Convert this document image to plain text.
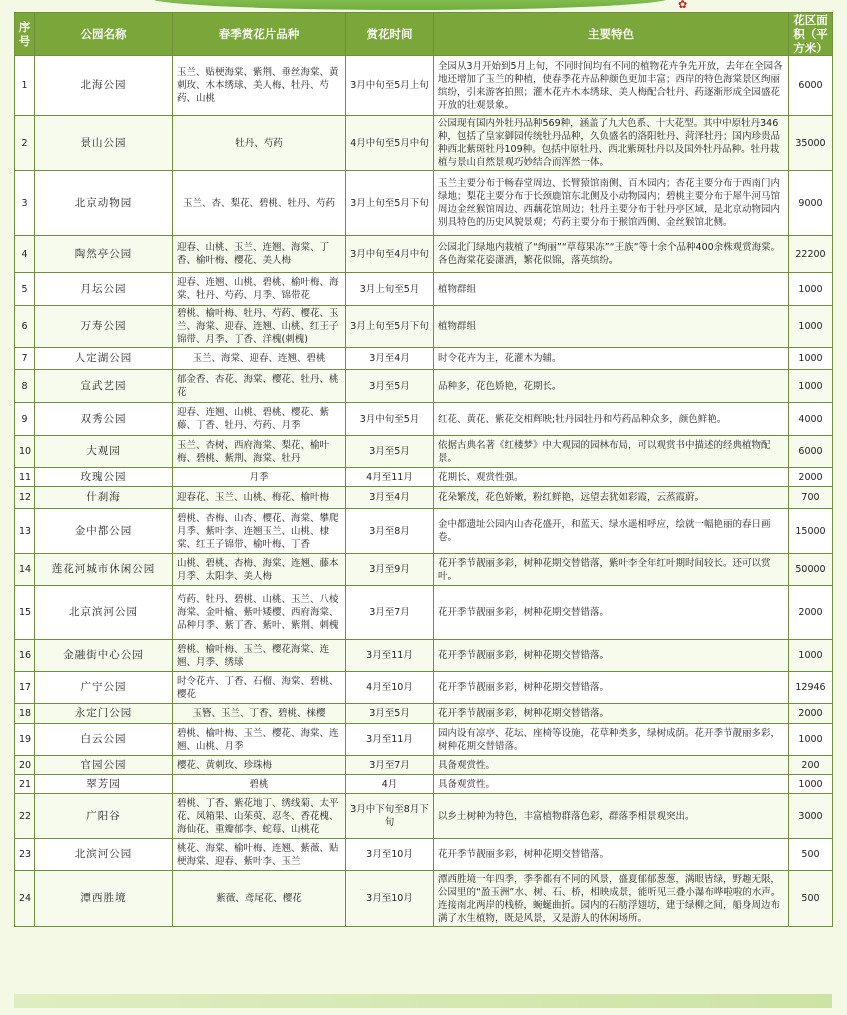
✿
序号	公园名称	春季赏花片品种	赏花时间	主要特色	花区面积（平方米）
1	北海公园	玉兰、贴梗海棠、紫荆、垂丝海棠、黄刺玫、木本绣球、美人梅、牡丹、芍药、山桃	3月中旬至5月上旬	全园从3月开始到5月上旬，不同时间均有不同的植物花卉争先开放，去年在全园各地还增加了玉兰的种植，使春季花卉品种颜色更加丰富；西岸的特色海棠景区绚丽缤纷，引来游客拍照；灌木花卉木本绣球、美人梅配合牡丹、药逐渐形成全园盛花开放的壮观景象。	6000
2	景山公园	牡丹、芍药	4月中旬至5月中旬	公园现有国内外牡丹品种569种，涵盖了九大色系、十大花型。其中中原牡丹346种，包括了皇家御园传统牡丹品种，久负盛名的洛阳牡丹、菏泽牡丹；国内珍贵品种西北紫斑牡丹109种。包括中原牡丹、西北紫斑牡丹以及国外牡丹品种。牡丹栽植与景山自然景观巧妙结合而浑然一体。	35000
3	北京动物园	玉兰、杏、梨花、碧桃、牡丹、芍药	3月上旬至5月下旬	玉兰主要分布于畅春堂周边、长臂猿馆南侧、百木园内；杏花主要分布于西南门内绿地；梨花主要分布于长颈鹿馆东北侧及小动物园内；碧桃主要分布于犀牛河马馆周边金丝猴馆周边、西藕花馆周边；牡丹主要分布于牡丹亭区域，是北京动物园内别具特色的历史风貌景观；芍药主要分布于猴馆西侧、金丝猴馆北侧。	9000
4	陶然亭公园	迎春、山桃、玉兰、连翘、海棠、丁香、榆叶梅、樱花、美人梅	3月中旬至4月中旬	公园北门绿地内栽植了“绚丽”“草莓果冻”“王族”等十余个品种400余株观赏海棠。各色海棠花姿潇洒，繁花似锦，落英缤纷。	22200
5	月坛公园	迎春、连翘、山桃、碧桃、榆叶梅、海棠、牡丹、芍药、月季、锦带花	3月上旬至5月	植物群组	1000
6	万寿公园	碧桃、榆叶梅、牡丹、芍药、樱花、玉兰、海棠、迎春、连翘、山桃、红王子锦带、月季、丁香、洋槐(刺槐)	3月上旬至5月下旬	植物群组	1000
7	人定湖公园	玉兰、海棠、迎春、连翘、碧桃	3月至4月	时令花卉为主，花灌木为辅。	1000
8	宣武艺园	郁金香、杏花、海棠、樱花、牡丹、桃花	3月至5月	品种多，花色娇艳，花期长。	1000
9	双秀公园	迎春、连翘、山桃、碧桃、樱花、紫藤、丁香、牡丹、芍药、月季	3月中旬至5月	红花、黄花、紫花交相辉映;牡丹园牡丹和芍药品种众多，颜色鲜艳。	4000
10	大观园	玉兰、杏树、西府海棠、梨花、榆叶梅、碧桃、紫荆、海棠、牡丹	3月至5月	依据古典名著《红楼梦》中大观园的园林布局，可以观赏书中描述的经典植物配景。	6000
11	玫瑰公园	月季	4月至11月	花期长、观赏性强。	2000
12	什刹海	迎春花、玉兰、山桃、梅花、榆叶梅	3月至4月	花朵繁茂，花色娇嫩，粉红鲜艳，远望去犹如彩霞，云蒸霞蔚。	700
13	金中都公园	碧桃、杏梅、山杏、樱花、海棠、攀爬月季、紫叶李、连翘玉兰、山桃、棣棠、红王子锦带、榆叶梅、丁香	3月至8月	金中都遗址公园内山杏花盛开，和蓝天、绿水遥相呼应，绘就一幅艳丽的春日画卷。	15000
14	莲花河城市休闲公园	山桃、碧桃、杏梅、海棠、连翘、藤本月季、太阳李、美人梅	3月至9月	花开季节靓丽多彩，树种花期交替错落，紫叶李全年红叶期时间较长。还可以赏叶。	50000
15	北京滨河公园	芍药、牡丹、碧桃、山桃、玉兰、八棱海棠、金叶榆、紫叶矮樱、西府海棠、品种月季、紫丁香、紫叶、紫荆、刺槐	3月至7月	花开季节靓丽多彩，树种花期交替错落。	2000
16	金融街中心公园	碧桃、榆叶梅、玉兰、樱花海棠、连翘、月季、绣球	3月至11月	花开季节靓丽多彩，树种花期交替错落。	1000
17	广宁公园	时令花卉、丁香、石榴、海棠、碧桃、樱花	4月至10月	花开季节靓丽多彩，树种花期交替错落。	12946
18	永定门公园	玉簪、玉兰、丁香、碧桃、梾樱	3月至5月	花开季节靓丽多彩，树种花期交替错落。	2000
19	白云公园	碧桃、榆叶梅、玉兰、樱花、海棠、连翘、山桃、月季	3月至11月	园内设有凉亭、花坛、座椅等设施，花草种类多，绿树成荫。花开季节靓丽多彩，树种花期交替错落。	1000
20	官园公园	樱花、黄刺玫、珍珠梅	3月至7月	具备观赏性。	200
21	翠芳园	碧桃	4月	具备观赏性。	1000
22	广阳谷	碧桃、丁香、紫花地丁、绣线菊、太平花、凤箱果、山茱萸、忍冬、香花槐、海仙花、重瓣郁李、蛇莓、山桃花	3月中下旬至8月下旬	以乡土树种为特色，丰富植物群落色彩，群落季相景观突出。	3000
23	北滨河公园	桃花、海棠、榆叶梅、连翘、紫薇、贴梗海棠、迎春、紫叶李、玉兰	3月至10月	花开季节靓丽多彩，树种花期交替错落。	500
24	潭西胜境	紫薇、鸢尾花、樱花	3月至10月	潭西胜境一年四季，季季都有不同的风景，盛夏郁郁葱葱，满眼皆绿，野趣无限，公园里的“盈玉洲”水、树、石、桥，相映成景，能听见三叠小瀑布哗啦啦的水声。连接南北两岸的栈桥，蜿蜒曲折。园内的石舫浮翅坊，建于绿柳之间，船身周边布满了水生植物，既是风景，又是游人的休闲场所。	500
